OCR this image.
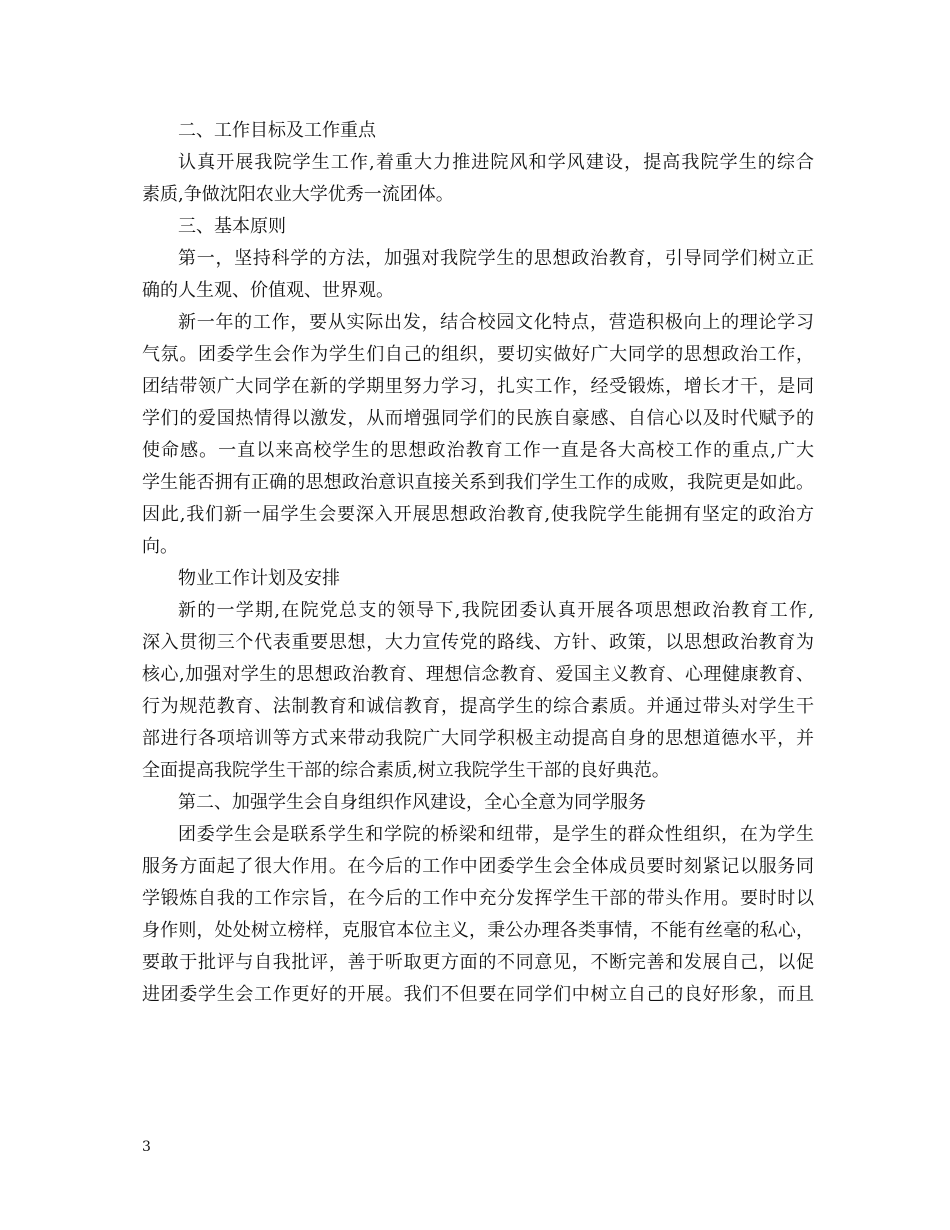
二、工作目标及工作重点
认真开展我院学生工作,着重大力推进院风和学风建设，提高我院学生的综合
素质,争做沈阳农业大学优秀一流团体。
三、基本原则
第一，坚持科学的方法，加强对我院学生的思想政治教育，引导同学们树立正
确的人生观、价值观、世界观。
新一年的工作，要从实际出发，结合校园文化特点，营造积极向上的理论学习
气氛。团委学生会作为学生们自己的组织，要切实做好广大同学的思想政治工作，
团结带领广大同学在新的学期里努力学习，扎实工作，经受锻炼，增长才干，是同
学们的爱国热情得以激发，从而增强同学们的民族自豪感、自信心以及时代赋予的
使命感。一直以来高校学生的思想政治教育工作一直是各大高校工作的重点,广大
学生能否拥有正确的思想政治意识直接关系到我们学生工作的成败，我院更是如此。
因此,我们新一届学生会要深入开展思想政治教育,使我院学生能拥有坚定的政治方
向。
物业工作计划及安排
新的一学期,在院党总支的领导下,我院团委认真开展各项思想政治教育工作,
深入贯彻三个代表重要思想，大力宣传党的路线、方针、政策，以思想政治教育为
核心,加强对学生的思想政治教育、理想信念教育、爱国主义教育、心理健康教育、
行为规范教育、法制教育和诚信教育，提高学生的综合素质。并通过带头对学生干
部进行各项培训等方式来带动我院广大同学积极主动提高自身的思想道德水平，并
全面提高我院学生干部的综合素质,树立我院学生干部的良好典范。
第二、加强学生会自身组织作风建设，全心全意为同学服务
团委学生会是联系学生和学院的桥梁和纽带，是学生的群众性组织，在为学生
服务方面起了很大作用。在今后的工作中团委学生会全体成员要时刻紧记以服务同
学锻炼自我的工作宗旨，在今后的工作中充分发挥学生干部的带头作用。要时时以
身作则，处处树立榜样，克服官本位主义，秉公办理各类事情，不能有丝毫的私心，
要敢于批评与自我批评，善于听取更方面的不同意见，不断完善和发展自己，以促
进团委学生会工作更好的开展。我们不但要在同学们中树立自己的良好形象，而且
3
